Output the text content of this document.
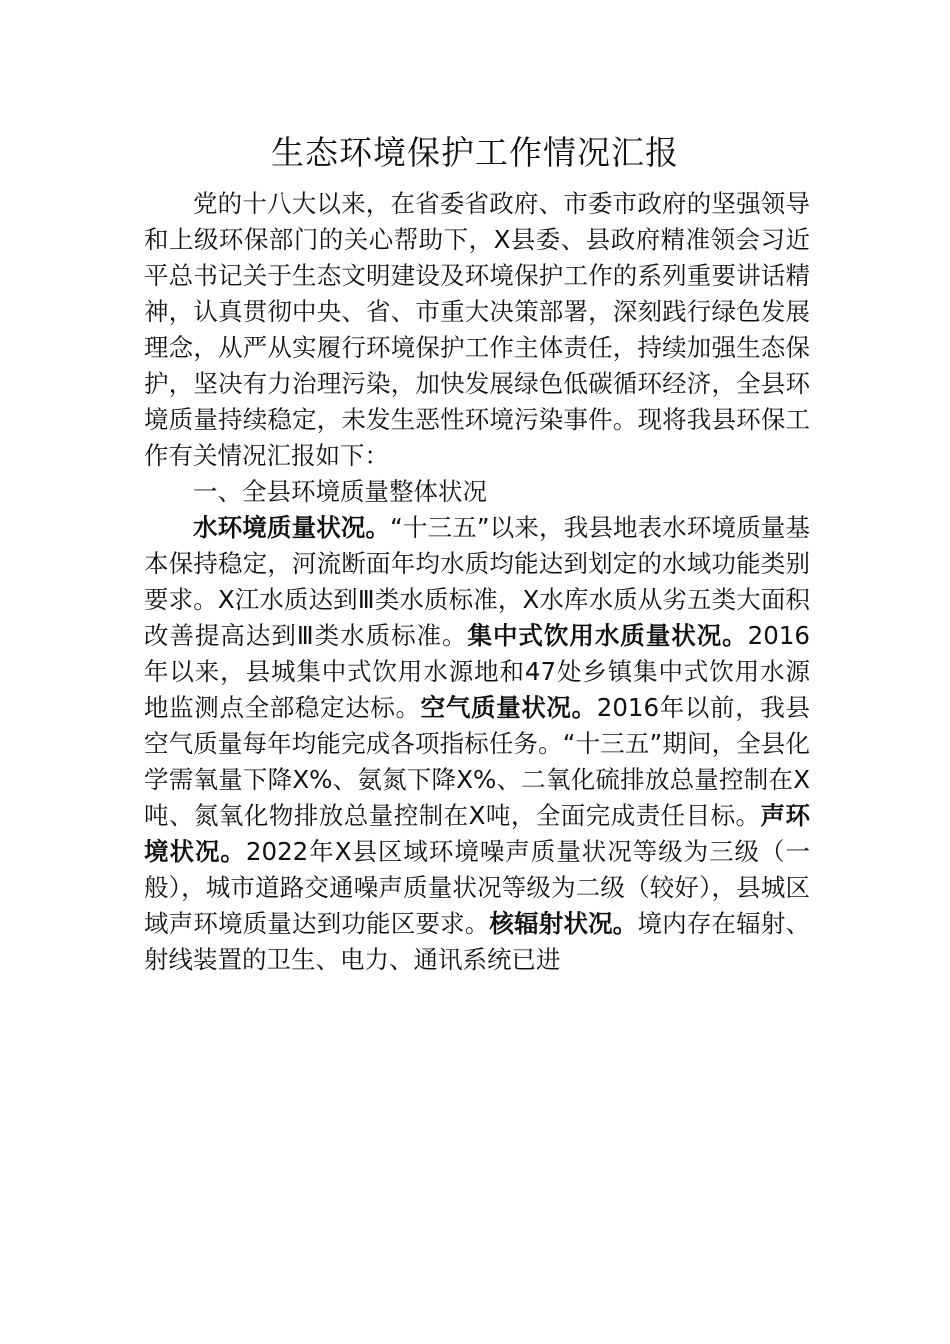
生态环境保护工作情况汇报

党的十八大以来，在省委省政府、市委市政府的坚强领导和上级环保部门的关心帮助下，X县委、县政府精准领会习近平总书记关于生态文明建设及环境保护工作的系列重要讲话精神，认真贯彻中央、省、市重大决策部署，深刻践行绿色发展理念，从严从实履行环境保护工作主体责任，持续加强生态保护，坚决有力治理污染，加快发展绿色低碳循环经济，全县环境质量持续稳定，未发生恶性环境污染事件。现将我县环保工作有关情况汇报如下：

一、全县环境质量整体状况

水环境质量状况。“十三五”以来，我县地表水环境质量基本保持稳定，河流断面年均水质均能达到划定的水域功能类别要求。X江水质达到Ⅲ类水质标准，X水库水质从劣五类大面积改善提高达到Ⅲ类水质标准。集中式饮用水质量状况。2016年以来，县城集中式饮用水源地和47处乡镇集中式饮用水源地监测点全部稳定达标。空气质量状况。2016年以前，我县空气质量每年均能完成各项指标任务。“十三五”期间，全县化学需氧量下降X%、氨氮下降X%、二氧化硫排放总量控制在X吨、氮氧化物排放总量控制在X吨，全面完成责任目标。声环境状况。2022年X县区域环境噪声质量状况等级为三级（一般），城市道路交通噪声质量状况等级为二级（较好），县城区域声环境质量达到功能区要求。核辐射状况。境内存在辐射、射线装置的卫生、电力、通讯系统已进
